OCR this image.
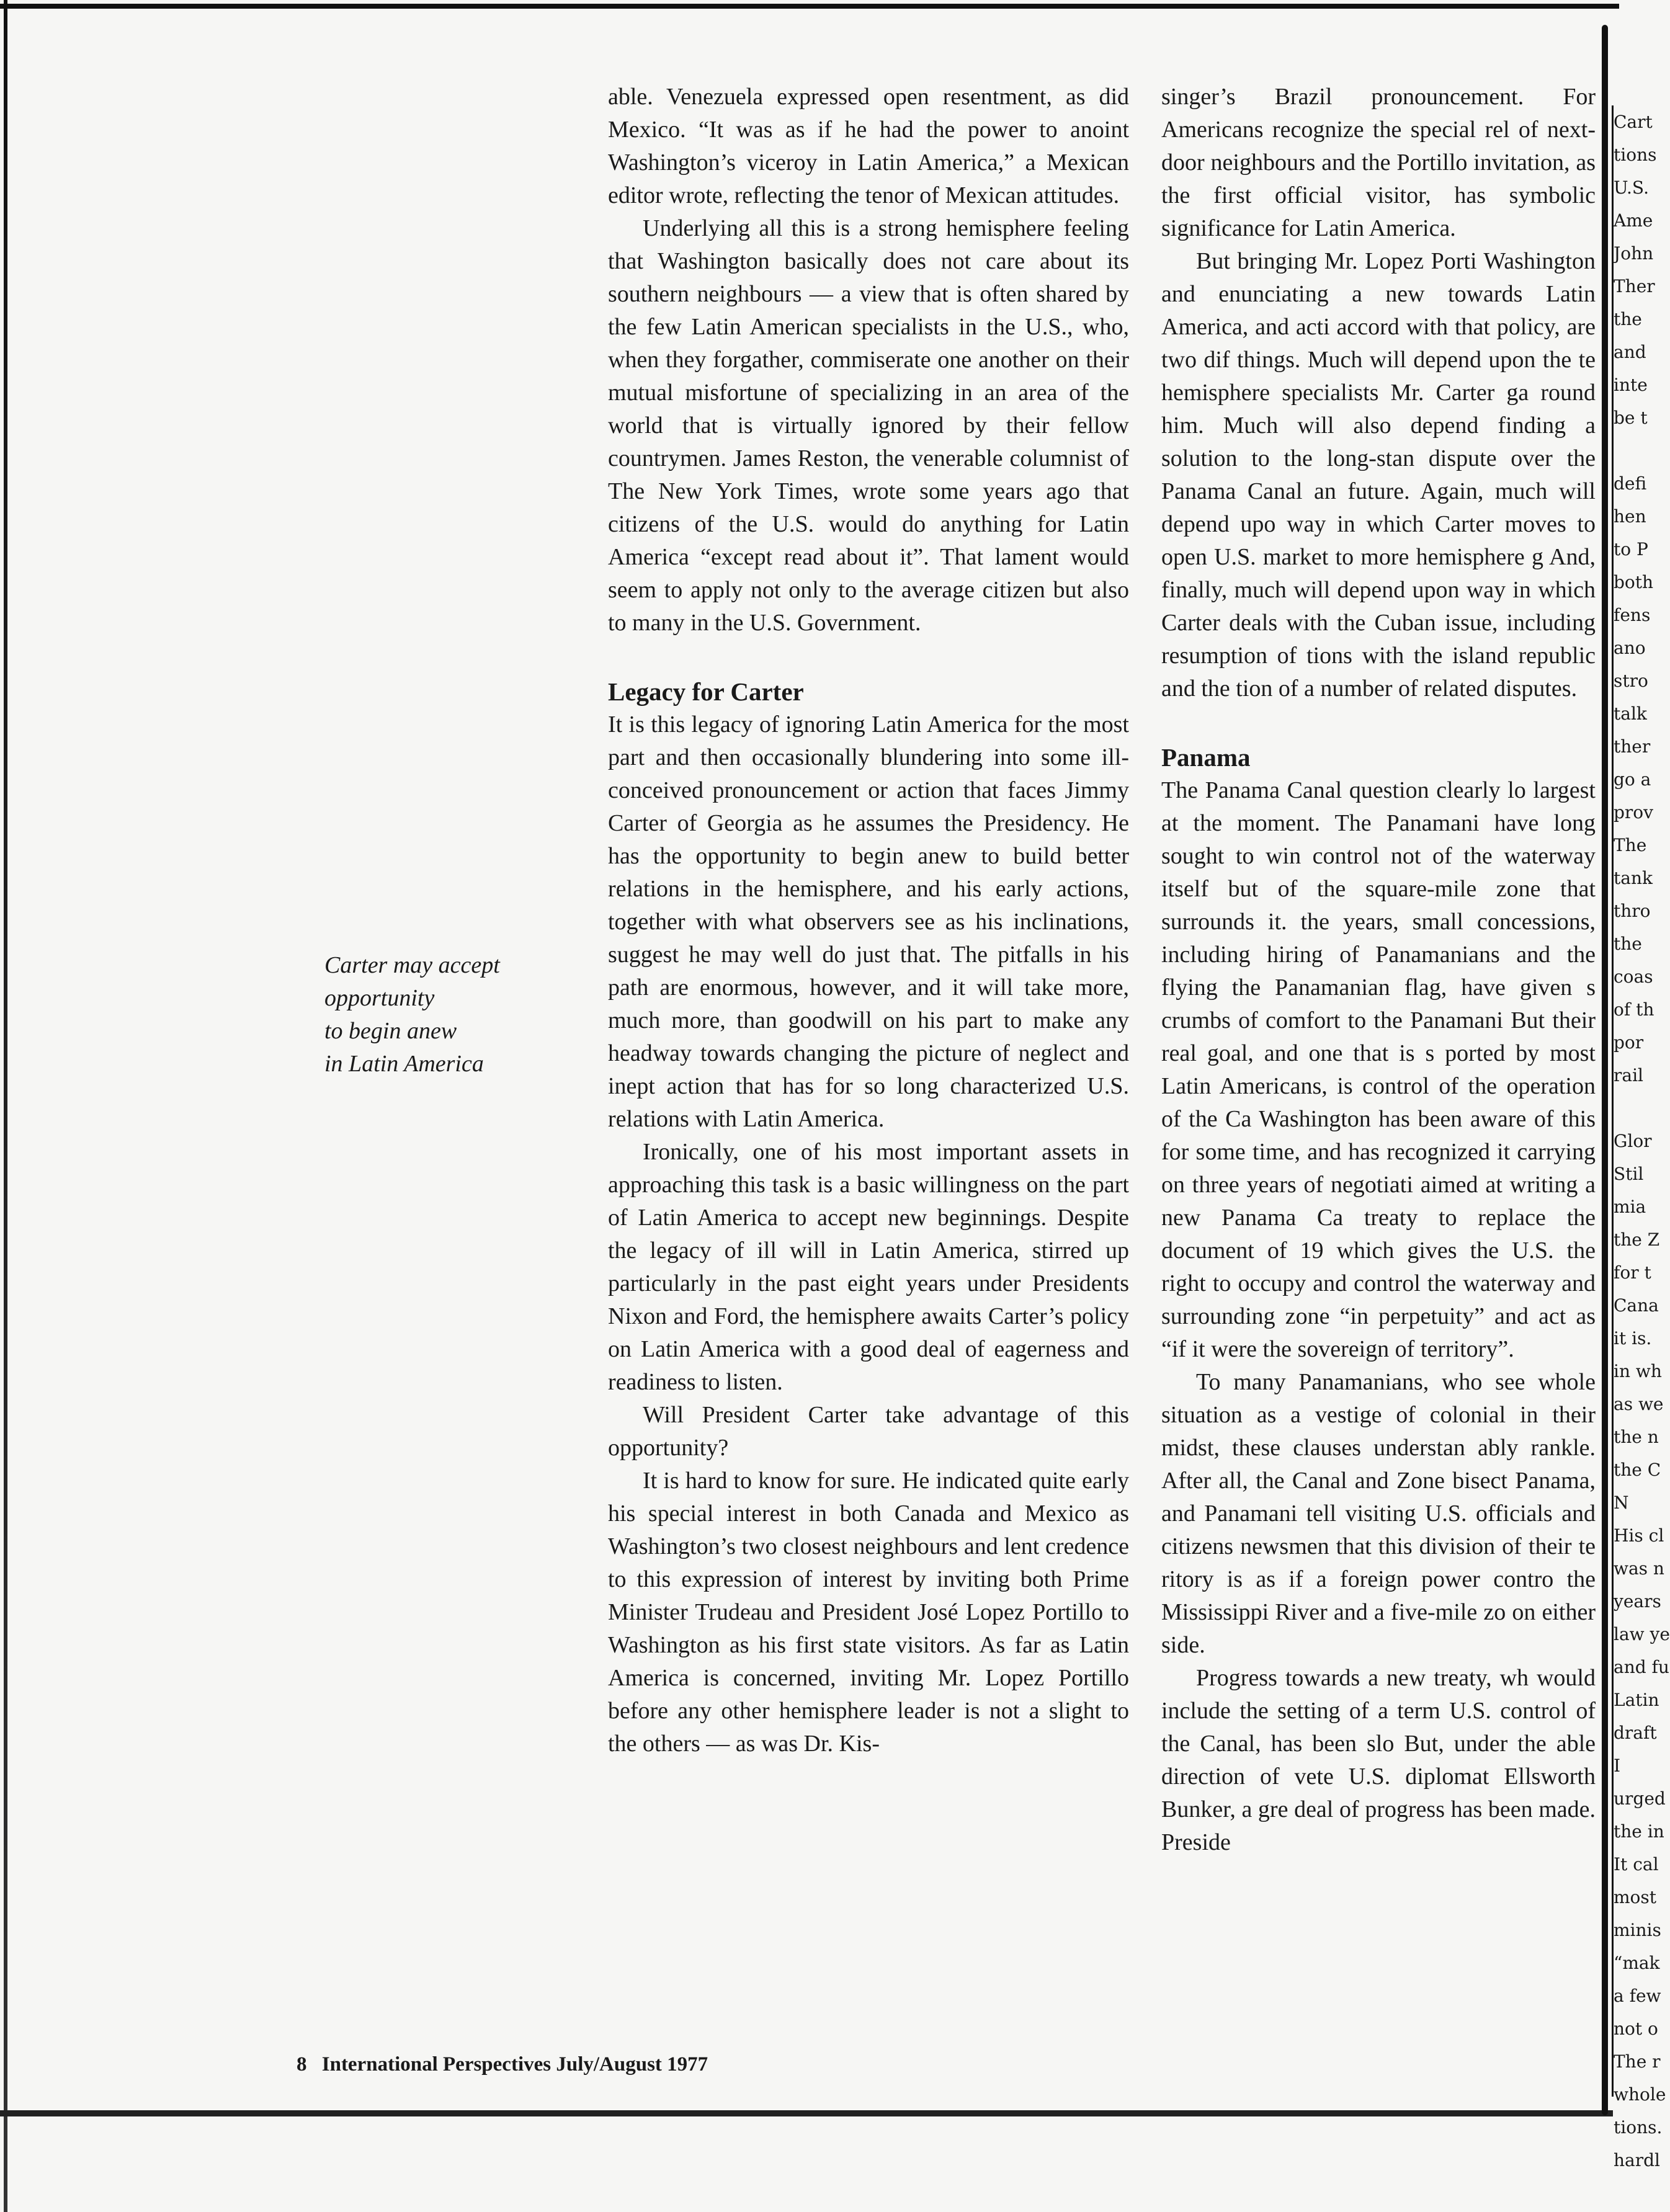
Carter may accept
opportunity
to begin anew
in Latin America

able. Venezuela expressed open resentment, as did Mexico. “It was as if he had the power to anoint Washington’s viceroy in Latin America,” a Mexican editor wrote, reflecting the tenor of Mexican attitudes.

Underlying all this is a strong hemisphere feeling that Washington basically does not care about its southern neighbours — a view that is often shared by the few Latin American specialists in the U.S., who, when they forgather, commiserate one another on their mutual misfortune of specializing in an area of the world that is virtually ignored by their fellow countrymen. James Reston, the venerable columnist of The New York Times, wrote some years ago that citizens of the U.S. would do anything for Latin America “except read about it”. That lament would seem to apply not only to the average citizen but also to many in the U.S. Government.

Legacy for Carter

It is this legacy of ignoring Latin America for the most part and then occasionally blundering into some ill-conceived pronouncement or action that faces Jimmy Carter of Georgia as he assumes the Presidency. He has the opportunity to begin anew to build better relations in the hemisphere, and his early actions, together with what observers see as his inclinations, suggest he may well do just that. The pitfalls in his path are enormous, however, and it will take more, much more, than goodwill on his part to make any headway towards changing the picture of neglect and inept action that has for so long characterized U.S. relations with Latin America.

Ironically, one of his most important assets in approaching this task is a basic willingness on the part of Latin America to accept new beginnings. Despite the legacy of ill will in Latin America, stirred up particularly in the past eight years under Presidents Nixon and Ford, the hemisphere awaits Carter’s policy on Latin America with a good deal of eagerness and readiness to listen.

Will President Carter take advantage of this opportunity?

It is hard to know for sure. He indicated quite early his special interest in both Canada and Mexico as Washington’s two closest neighbours and lent credence to this expression of interest by inviting both Prime Minister Trudeau and President José Lopez Portillo to Washington as his first state visitors. As far as Latin America is concerned, inviting Mr. Lopez Portillo before any other hemisphere leader is not a slight to the others — as was Dr. Kis-

singer’s Brazil pronouncement. For Americans recognize the special rel of next-door neighbours and the Portillo invitation, as the first official visitor, has symbolic significance for Latin America.

But bringing Mr. Lopez Porti Washington and enunciating a new towards Latin America, and acti accord with that policy, are two dif things. Much will depend upon the te hemisphere specialists Mr. Carter ga round him. Much will also depend finding a solution to the long-stan dispute over the Panama Canal an future. Again, much will depend upo way in which Carter moves to open U.S. market to more hemisphere g And, finally, much will depend upon way in which Carter deals with the Cuban issue, including resumption of tions with the island republic and the tion of a number of related disputes.

Panama

The Panama Canal question clearly lo largest at the moment. The Panamani have long sought to win control not of the waterway itself but of the square-mile zone that surrounds it. the years, small concessions, including hiring of Panamanians and the flying the Panamanian flag, have given s crumbs of comfort to the Panamani But their real goal, and one that is s ported by most Latin Americans, is control of the operation of the Ca Washington has been aware of this for some time, and has recognized it carrying on three years of negotiati aimed at writing a new Panama Ca treaty to replace the document of 19 which gives the U.S. the right to occupy and control the waterway and surrounding zone “in perpetuity” and act as “if it were the sovereign of territory”.

To many Panamanians, who see whole situation as a vestige of colonial in their midst, these clauses understan ably rankle. After all, the Canal and Zone bisect Panama, and Panamani tell visiting U.S. officials and citizens newsmen that this division of their te ritory is as if a foreign power contro the Mississippi River and a five-mile zo on either side.

Progress towards a new treaty, wh would include the setting of a term U.S. control of the Canal, has been slo But, under the able direction of vete U.S. diplomat Ellsworth Bunker, a gre deal of progress has been made. Preside

Cart
tions
U.S.
Ame
John
Ther
the
and
inte
be t

defi
hen
to P
both
fens
ano
stro
talk
ther
go a
prov
The
tank
thro
the
coas
of th
por
rail

Glor
Stil
mia
the Z
for t
Cana
it is.
in wh
as we
the n
the C
N
His cl
was n
years
law ye
and fu
Latin
draft
I
urged
the in
It cal
most
minis
“mak
a few
not o
The r
whole
tions.
hardl
8 International Perspectives July/August 1977
